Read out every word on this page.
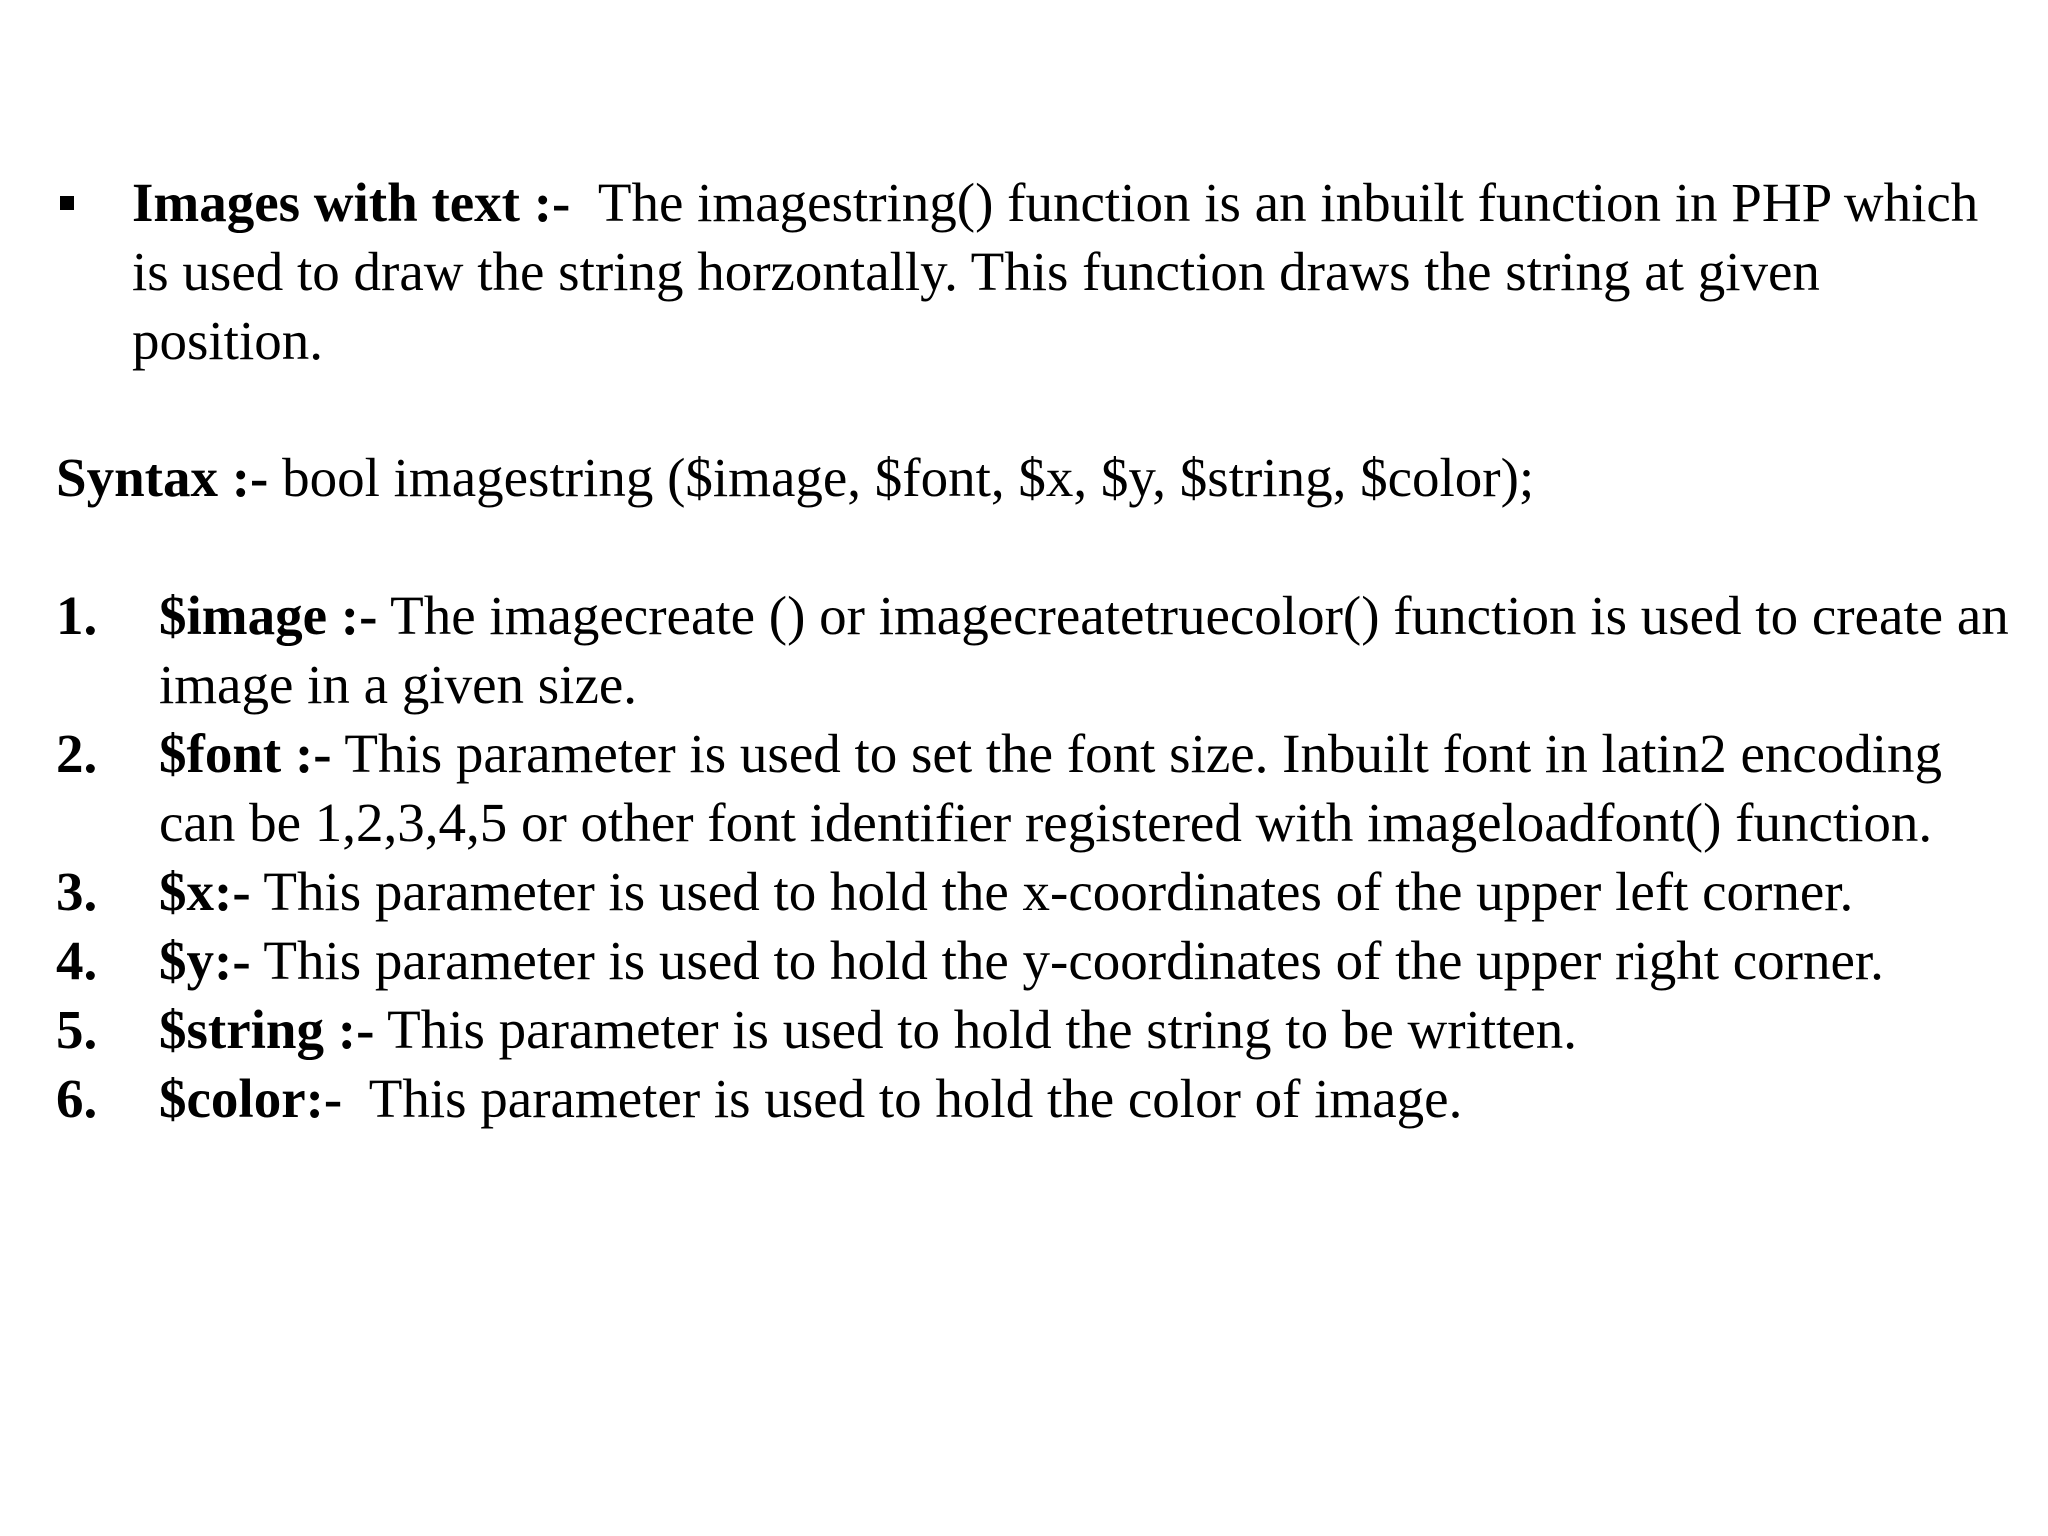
Images with text :- The imagestring() function is an inbuilt function in PHP which is used to draw the string horzontally. This function draws the string at given position.
Syntax :- bool imagestring ($image, $font, $x, $y, $string, $color);
1. $image :- The imagecreate () or imagecreatetruecolor() function is used to create an image in a given size.
2. $font :- This parameter is used to set the font size. Inbuilt font in latin2 encoding can be 1,2,3,4,5 or other font identifier registered with imageloadfont() function.
3. $x:- This parameter is used to hold the x-coordinates of the upper left corner.
4. $y:- This parameter is used to hold the y-coordinates of the upper right corner.
5. $string :- This parameter is used to hold the string to be written.
6. $color:- This parameter is used to hold the color of image.
